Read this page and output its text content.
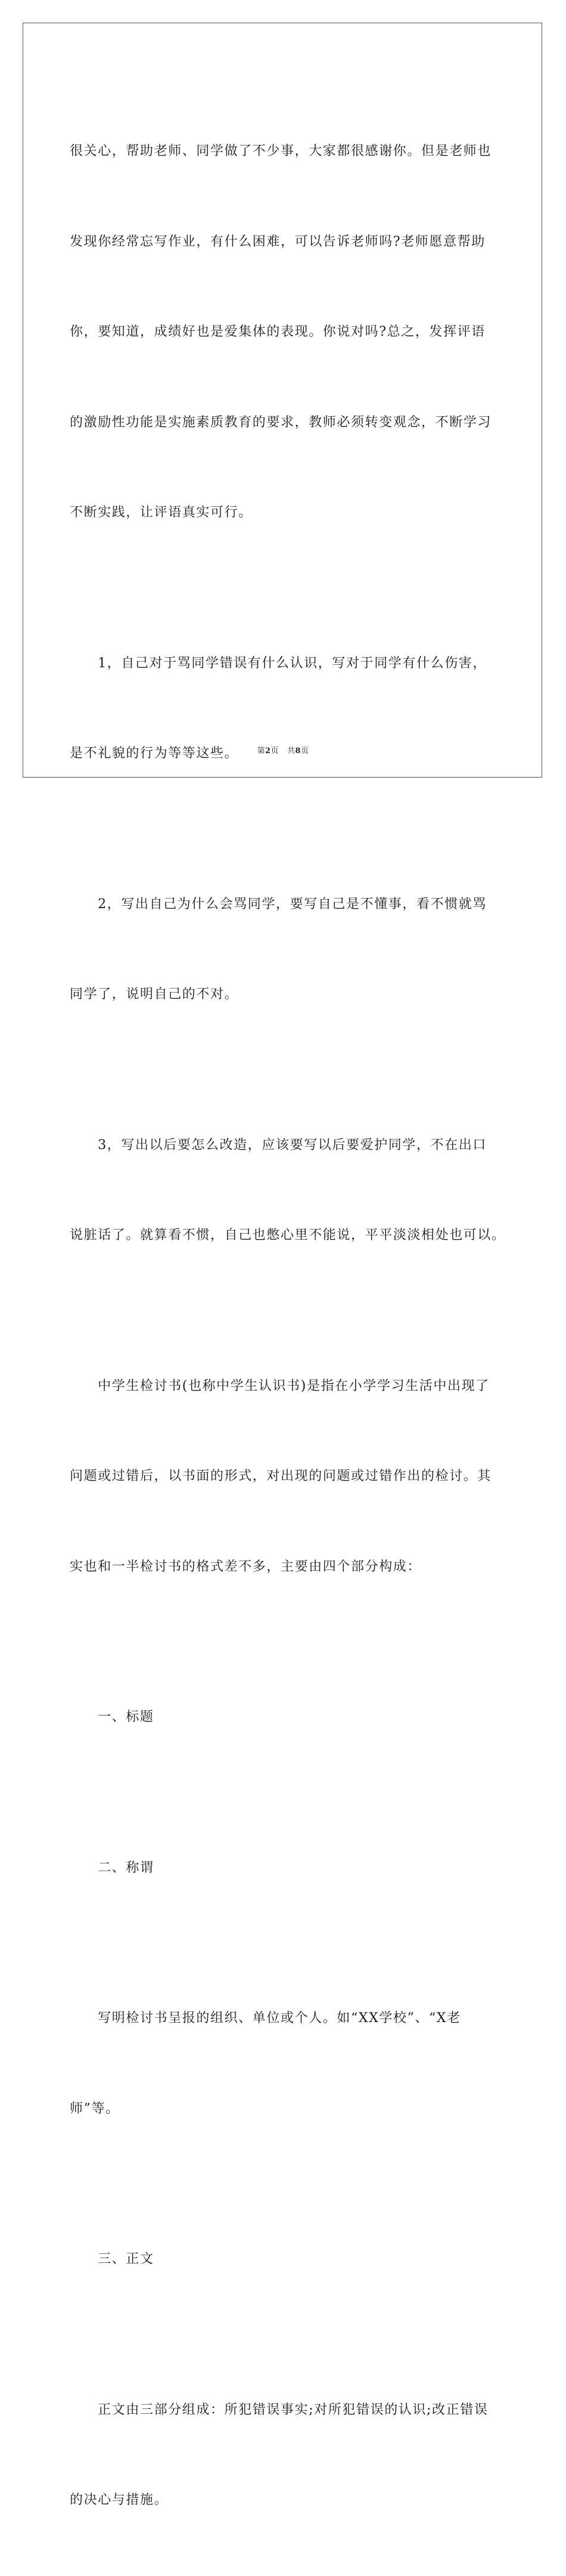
很关心，帮助老师、同学做了不少事，大家都很感谢你。但是老师也

发现你经常忘写作业，有什么困难，可以告诉老师吗?老师愿意帮助

你，要知道，成绩好也是爱集体的表现。你说对吗?总之，发挥评语

的激励性功能是实施素质教育的要求，教师必须转变观念，不断学习

不断实践，让评语真实可行。

　　1，自己对于骂同学错误有什么认识，写对于同学有什么伤害，

是不礼貌的行为等等这些。

　　2，写出自己为什么会骂同学，要写自己是不懂事，看不惯就骂

同学了，说明自己的不对。

　　3，写出以后要怎么改造，应该要写以后要爱护同学，不在出口

说脏话了。就算看不惯，自己也憋心里不能说，平平淡淡相处也可以。

　　中学生检讨书(也称中学生认识书)是指在小学学习生活中出现了

问题或过错后，以书面的形式，对出现的问题或过错作出的检讨。其

实也和一半检讨书的格式差不多，主要由四个部分构成：

　　一、标题

　　二、称谓

　　写明检讨书呈报的组织、单位或个人。如“XX学校”、“X老

师”等。

　　三、正文

　　正文由三部分组成：所犯错误事实;对所犯错误的认识;改正错误

的决心与措施。

第2页 共8页
